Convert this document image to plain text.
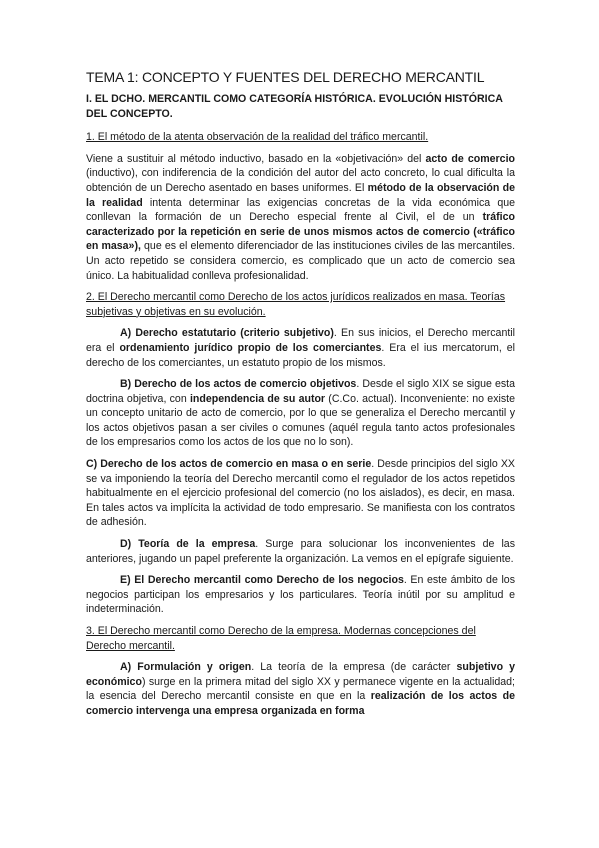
TEMA 1: CONCEPTO Y FUENTES DEL DERECHO MERCANTIL
I. EL DCHO. MERCANTIL COMO CATEGORÍA HISTÓRICA. EVOLUCIÓN HISTÓRICA DEL CONCEPTO.
1. El método de la atenta observación de la realidad del tráfico mercantil.

Viene a sustituir al método inductivo, basado en la «objetivación» del acto de comercio (inductivo), con indiferencia de la condición del autor del acto concreto, lo cual dificulta la obtención de un Derecho asentado en bases uniformes. El método de la observación de la realidad intenta determinar las exigencias concretas de la vida económica que conllevan la formación de un Derecho especial frente al Civil, el de un tráfico caracterizado por la repetición en serie de unos mismos actos de comercio («tráfico en masa»), que es el elemento diferenciador de las instituciones civiles de las mercantiles. Un acto repetido se considera comercio, es complicado que un acto de comercio sea único. La habitualidad conlleva profesionalidad.

2. El Derecho mercantil como Derecho de los actos jurídicos realizados en masa. Teorías subjetivas y objetivas en su evolución.

A) Derecho estatutario (criterio subjetivo). En sus inicios, el Derecho mercantil era el ordenamiento jurídico propio de los comerciantes. Era el ius mercatorum, el derecho de los comerciantes, un estatuto propio de los mismos.

B) Derecho de los actos de comercio objetivos. Desde el siglo XIX se sigue esta doctrina objetiva, con independencia de su autor (C.Co. actual). Inconveniente: no existe un concepto unitario de acto de comercio, por lo que se generaliza el Derecho mercantil y los actos objetivos pasan a ser civiles o comunes (aquél regula tanto actos profesionales de los empresarios como los actos de los que no lo son).

C) Derecho de los actos de comercio en masa o en serie. Desde principios del siglo XX se va imponiendo la teoría del Derecho mercantil como el regulador de los actos repetidos habitualmente en el ejercicio profesional del comercio (no los aislados), es decir, en masa. En tales actos va implícita la actividad de todo empresario. Se manifiesta con los contratos de adhesión.

D) Teoría de la empresa. Surge para solucionar los inconvenientes de las anteriores, jugando un papel preferente la organización. La vemos en el epígrafe siguiente.

E) El Derecho mercantil como Derecho de los negocios. En este ámbito de los negocios participan los empresarios y los particulares. Teoría inútil por su amplitud e indeterminación.

3. El Derecho mercantil como Derecho de la empresa. Modernas concepciones del Derecho mercantil.

A) Formulación y origen. La teoría de la empresa (de carácter subjetivo y económico) surge en la primera mitad del siglo XX y permanece vigente en la actualidad; la esencia del Derecho mercantil consiste en que en la realización de los actos de comercio intervenga una empresa organizada en forma
